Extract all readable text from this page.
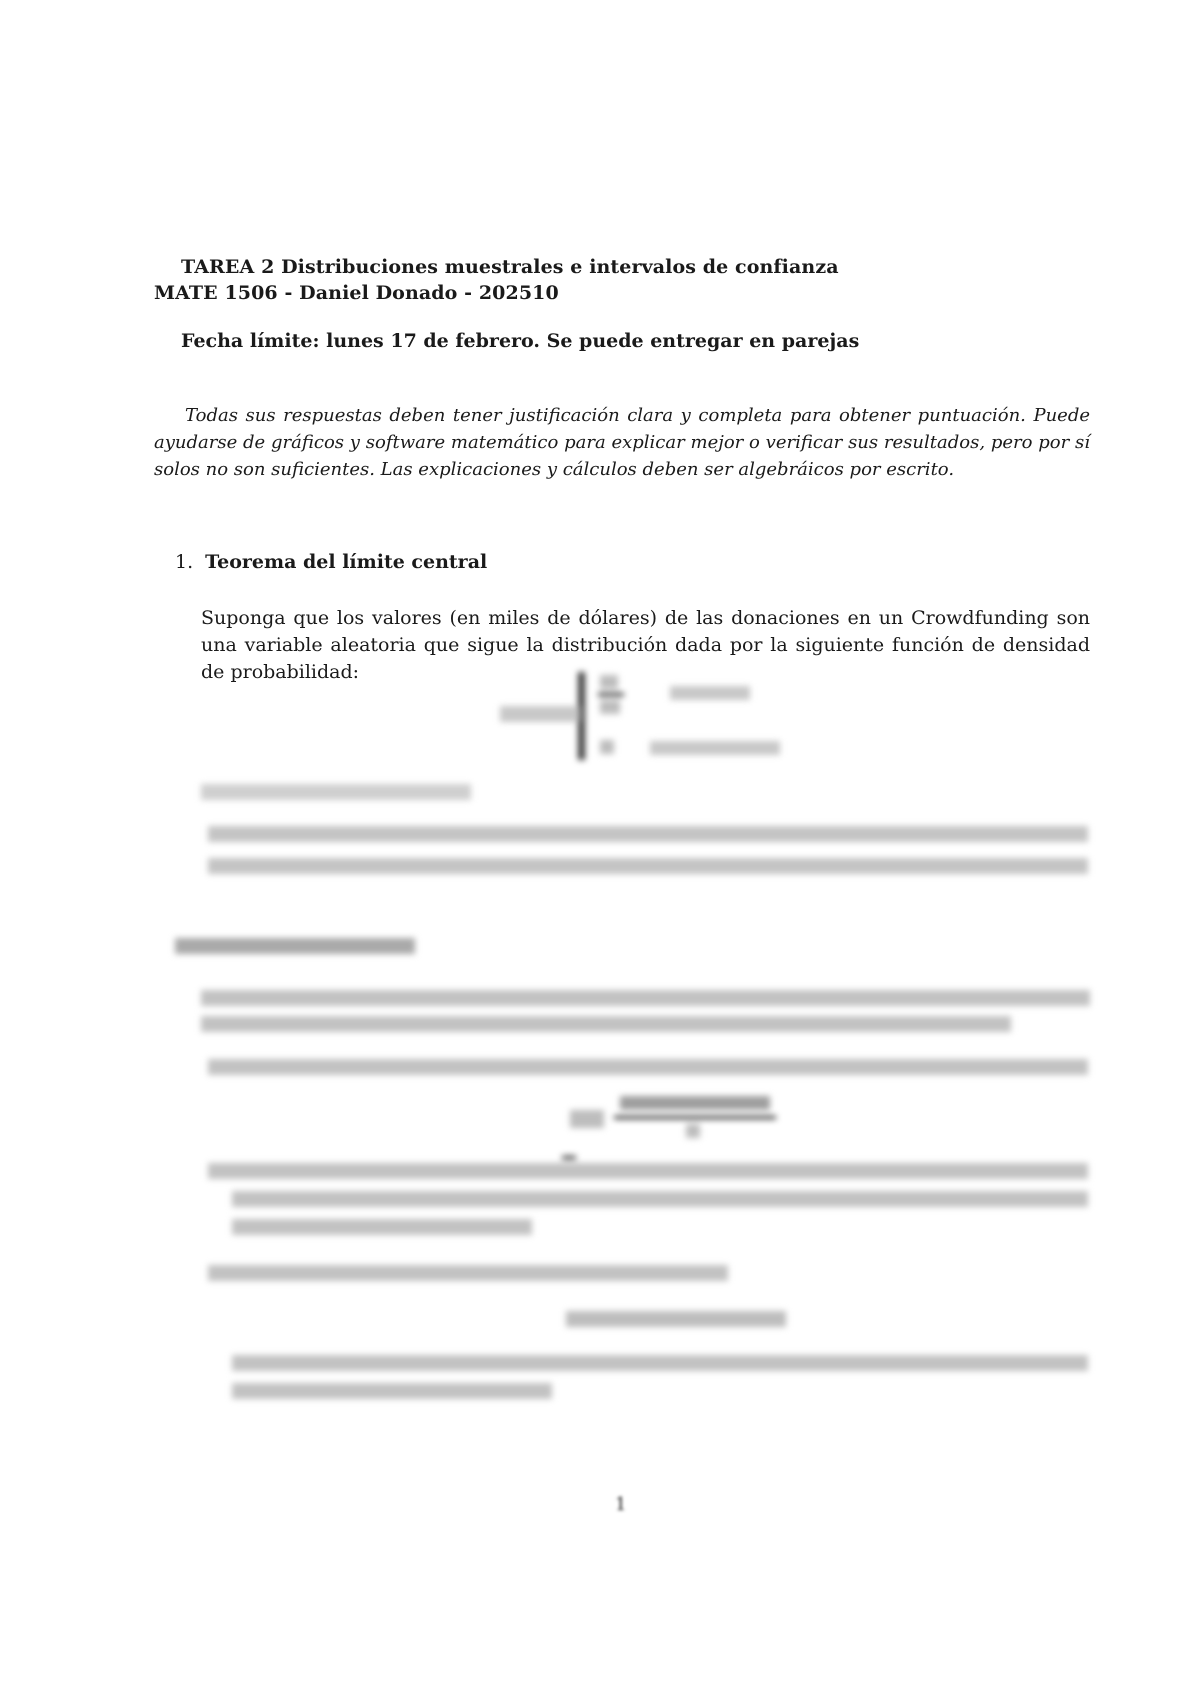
TAREA 2 Distribuciones muestrales e intervalos de confianza
MATE 1506 - Daniel Donado - 202510
Fecha límite: lunes 17 de febrero. Se puede entregar en parejas
Todas sus respuestas deben tener justificación clara y completa para obtener puntuación. Puede ayudarse de gráficos y software matemático para explicar mejor o verificar sus resultados, pero por sí solos no son suficientes. Las explicaciones y cálculos deben ser algebráicos por escrito.
1. Teorema del límite central
Suponga que los valores (en miles de dólares) de las donaciones en un Crowdfunding son una variable aleatoria que sigue la distribución dada por la siguiente función de densidad de probabilidad:
1
